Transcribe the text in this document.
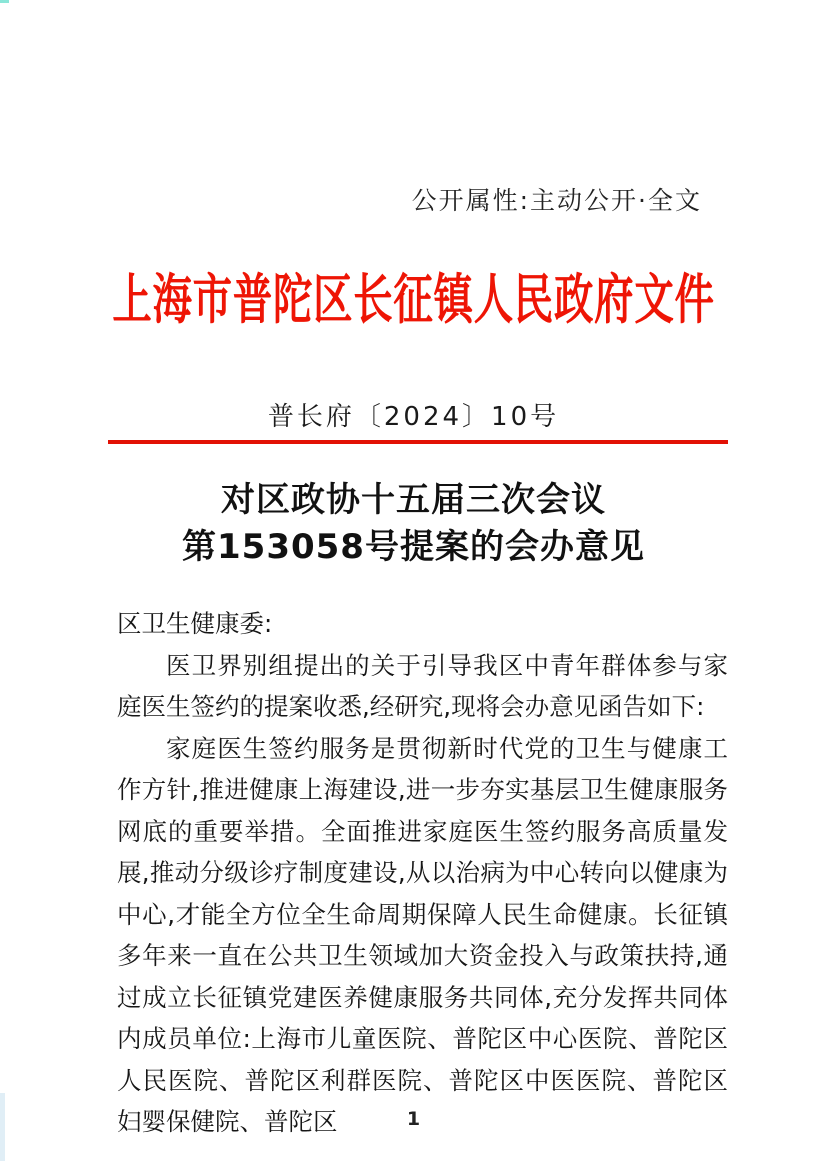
公开属性:主动公开·全文
上海市普陀区长征镇人民政府文件
普长府〔2024〕10号
对区政协十五届三次会议
第153058号提案的会办意见

区卫生健康委:

医卫界别组提出的关于引导我区中青年群体参与家庭医生签约的提案收悉,经研究,现将会办意见函告如下:

家庭医生签约服务是贯彻新时代党的卫生与健康工作方针,推进健康上海建设,进一步夯实基层卫生健康服务网底的重要举措。全面推进家庭医生签约服务高质量发展,推动分级诊疗制度建设,从以治病为中心转向以健康为中心,才能全方位全生命周期保障人民生命健康。长征镇多年来一直在公共卫生领域加大资金投入与政策扶持,通过成立长征镇党建医养健康服务共同体,充分发挥共同体内成员单位:上海市儿童医院、普陀区中心医院、普陀区人民医院、普陀区利群医院、普陀区中医医院、普陀区妇婴保健院、普陀区	1
